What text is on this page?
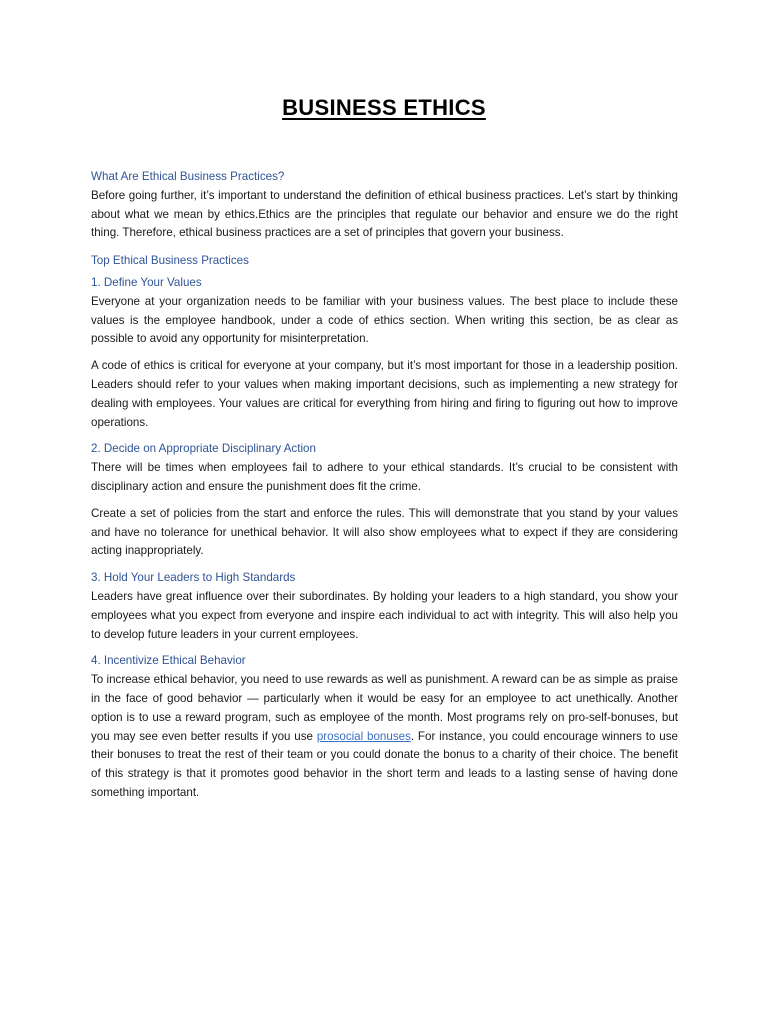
BUSINESS ETHICS

What Are Ethical Business Practices?

Before going further, it’s important to understand the definition of ethical business practices. Let’s start by thinking about what we mean by ethics.Ethics are the principles that regulate our behavior and ensure we do the right thing. Therefore, ethical business practices are a set of principles that govern your business.

Top Ethical Business Practices

1. Define Your Values

Everyone at your organization needs to be familiar with your business values. The best place to include these values is the employee handbook, under a code of ethics section. When writing this section, be as clear as possible to avoid any opportunity for misinterpretation.

A code of ethics is critical for everyone at your company, but it’s most important for those in a leadership position. Leaders should refer to your values when making important decisions, such as implementing a new strategy for dealing with employees. Your values are critical for everything from hiring and firing to figuring out how to improve operations.

2. Decide on Appropriate Disciplinary Action

There will be times when employees fail to adhere to your ethical standards. It’s crucial to be consistent with disciplinary action and ensure the punishment does fit the crime.

Create a set of policies from the start and enforce the rules. This will demonstrate that you stand by your values and have no tolerance for unethical behavior. It will also show employees what to expect if they are considering acting inappropriately.

3. Hold Your Leaders to High Standards

Leaders have great influence over their subordinates. By holding your leaders to a high standard, you show your employees what you expect from everyone and inspire each individual to act with integrity. This will also help you to develop future leaders in your current employees.

4. Incentivize Ethical Behavior

To increase ethical behavior, you need to use rewards as well as punishment. A reward can be as simple as praise in the face of good behavior — particularly when it would be easy for an employee to act unethically. Another option is to use a reward program, such as employee of the month. Most programs rely on pro-self-bonuses, but you may see even better results if you use prosocial bonuses. For instance, you could encourage winners to use their bonuses to treat the rest of their team or you could donate the bonus to a charity of their choice. The benefit of this strategy is that it promotes good behavior in the short term and leads to a lasting sense of having done something important.
